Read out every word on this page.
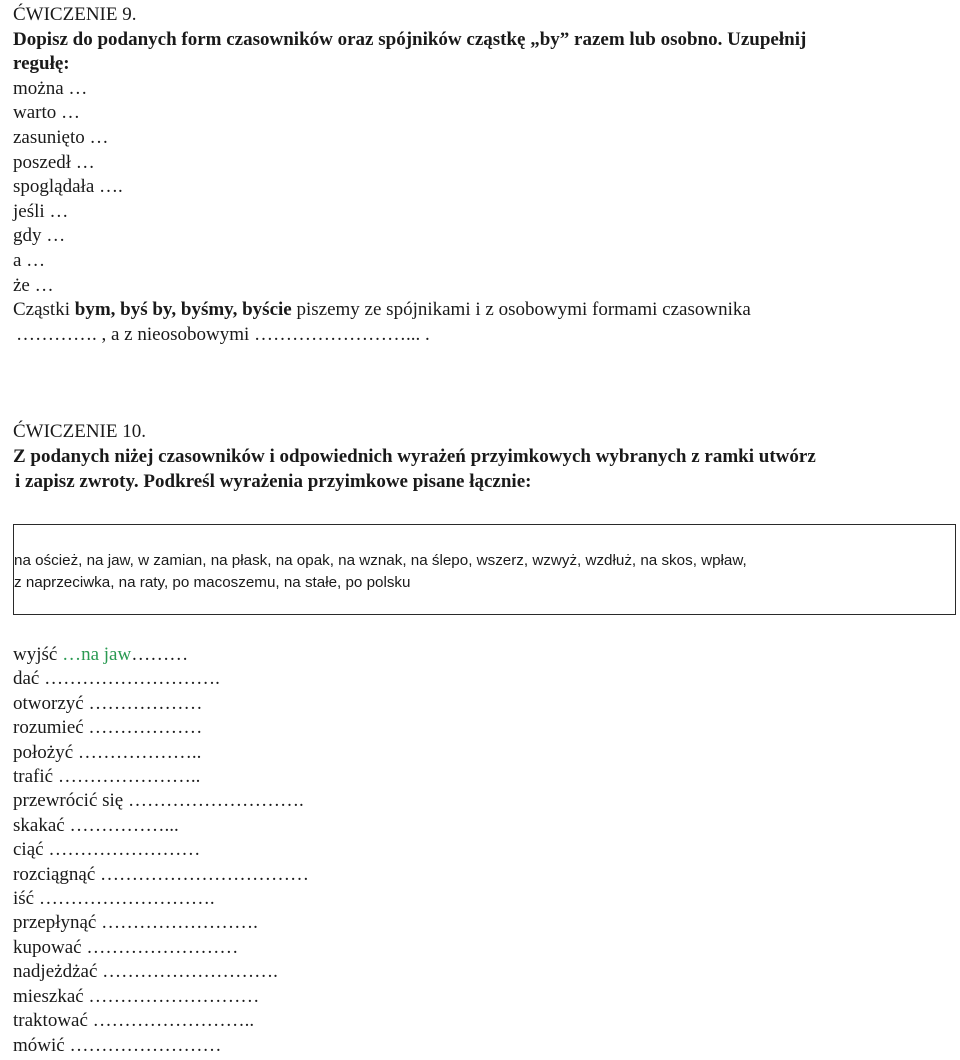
ĆWICZENIE 9.

Dopisz do podanych form czasowników oraz spójników cząstkę „by” razem lub osobno. Uzupełnij
regułę:

można …
warto …
zasunięto …
poszedł …
spoglądała ….
jeśli …
gdy …
a …
że …

Cząstki bym, byś by, byśmy, byście piszemy ze spójnikami i z osobowymi formami czasownika
…………. , a z nieosobowymi ……………………... .

ĆWICZENIE 10.

Z podanych niżej czasowników i odpowiednich wyrażeń przyimkowych wybranych z ramki utwórz
i zapisz zwroty. Podkreśl wyrażenia przyimkowe pisane łącznie:

na oścież, na jaw, w zamian, na płask, na opak, na wznak, na ślepo, wszerz, wzwyż, wzdłuż, na skos, wpław,
z naprzeciwka, na raty, po macoszemu, na stałe, po polsku
wyjść …na jaw………
dać ……………………….
otworzyć ………………
rozumieć ………………
położyć ………………..
trafić …………………..
przewrócić się ……………………….
skakać ……………...
ciąć ……………………
rozciągnąć ……………………………
iść ……………………….
przepłynąć …………………….
kupować ……………………
nadjeżdżać ……………………….
mieszkać ………………………
traktować ……………………..
mówić ……………………
